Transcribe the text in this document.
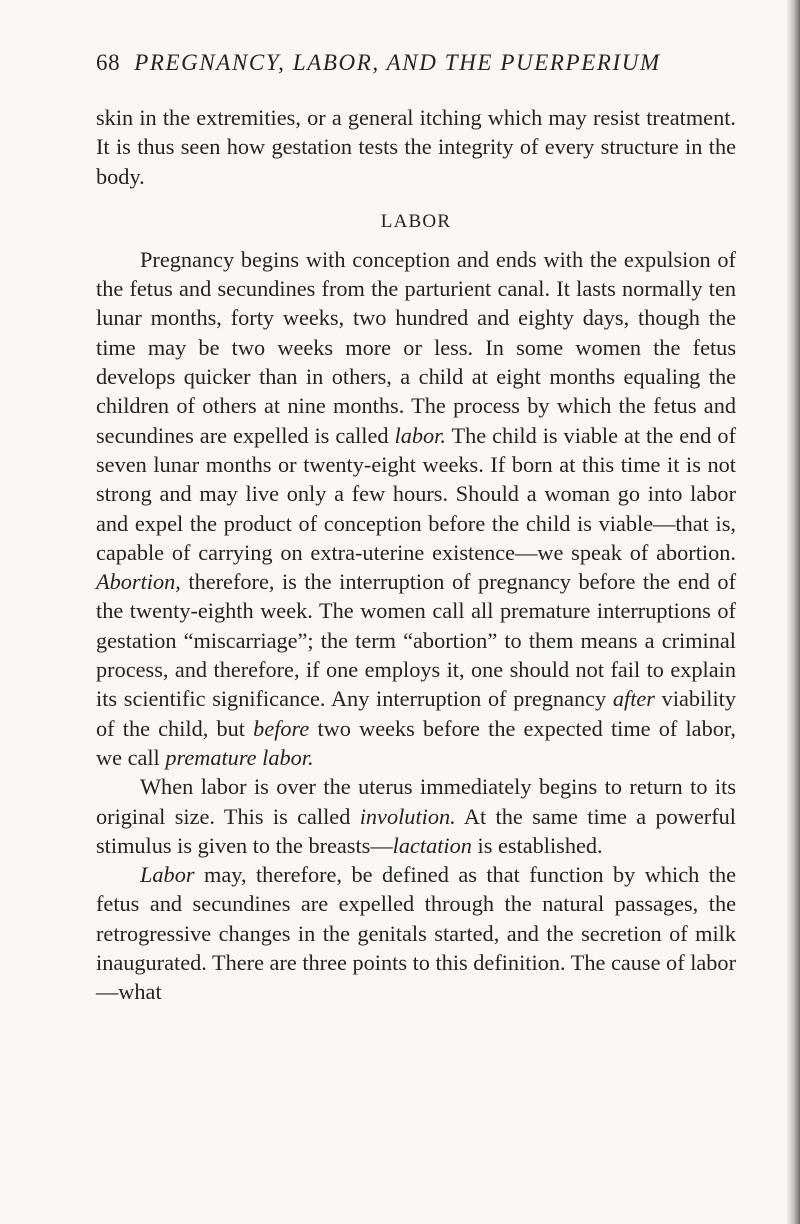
68 PREGNANCY, LABOR, AND THE PUERPERIUM

skin in the extremities, or a general itching which may resist treatment. It is thus seen how gestation tests the integrity of every structure in the body.

LABOR

Pregnancy begins with conception and ends with the expulsion of the fetus and secundines from the parturient canal. It lasts normally ten lunar months, forty weeks, two hundred and eighty days, though the time may be two weeks more or less. In some women the fetus develops quicker than in others, a child at eight months equaling the children of others at nine months. The process by which the fetus and secundines are expelled is called labor. The child is viable at the end of seven lunar months or twenty-eight weeks. If born at this time it is not strong and may live only a few hours. Should a woman go into labor and expel the product of conception before the child is viable—that is, capable of carrying on extra-uterine existence—we speak of abortion. Abortion, therefore, is the interruption of pregnancy before the end of the twenty-eighth week. The women call all premature interruptions of gestation “miscarriage”; the term “abortion” to them means a criminal process, and therefore, if one employs it, one should not fail to explain its scientific significance. Any interruption of pregnancy after viability of the child, but before two weeks before the expected time of labor, we call premature labor.

When labor is over the uterus immediately begins to return to its original size. This is called involution. At the same time a powerful stimulus is given to the breasts—lactation is established.

Labor may, therefore, be defined as that function by which the fetus and secundines are expelled through the natural passages, the retrogressive changes in the genitals started, and the secretion of milk inaugurated. There are three points to this definition. The cause of labor—what
